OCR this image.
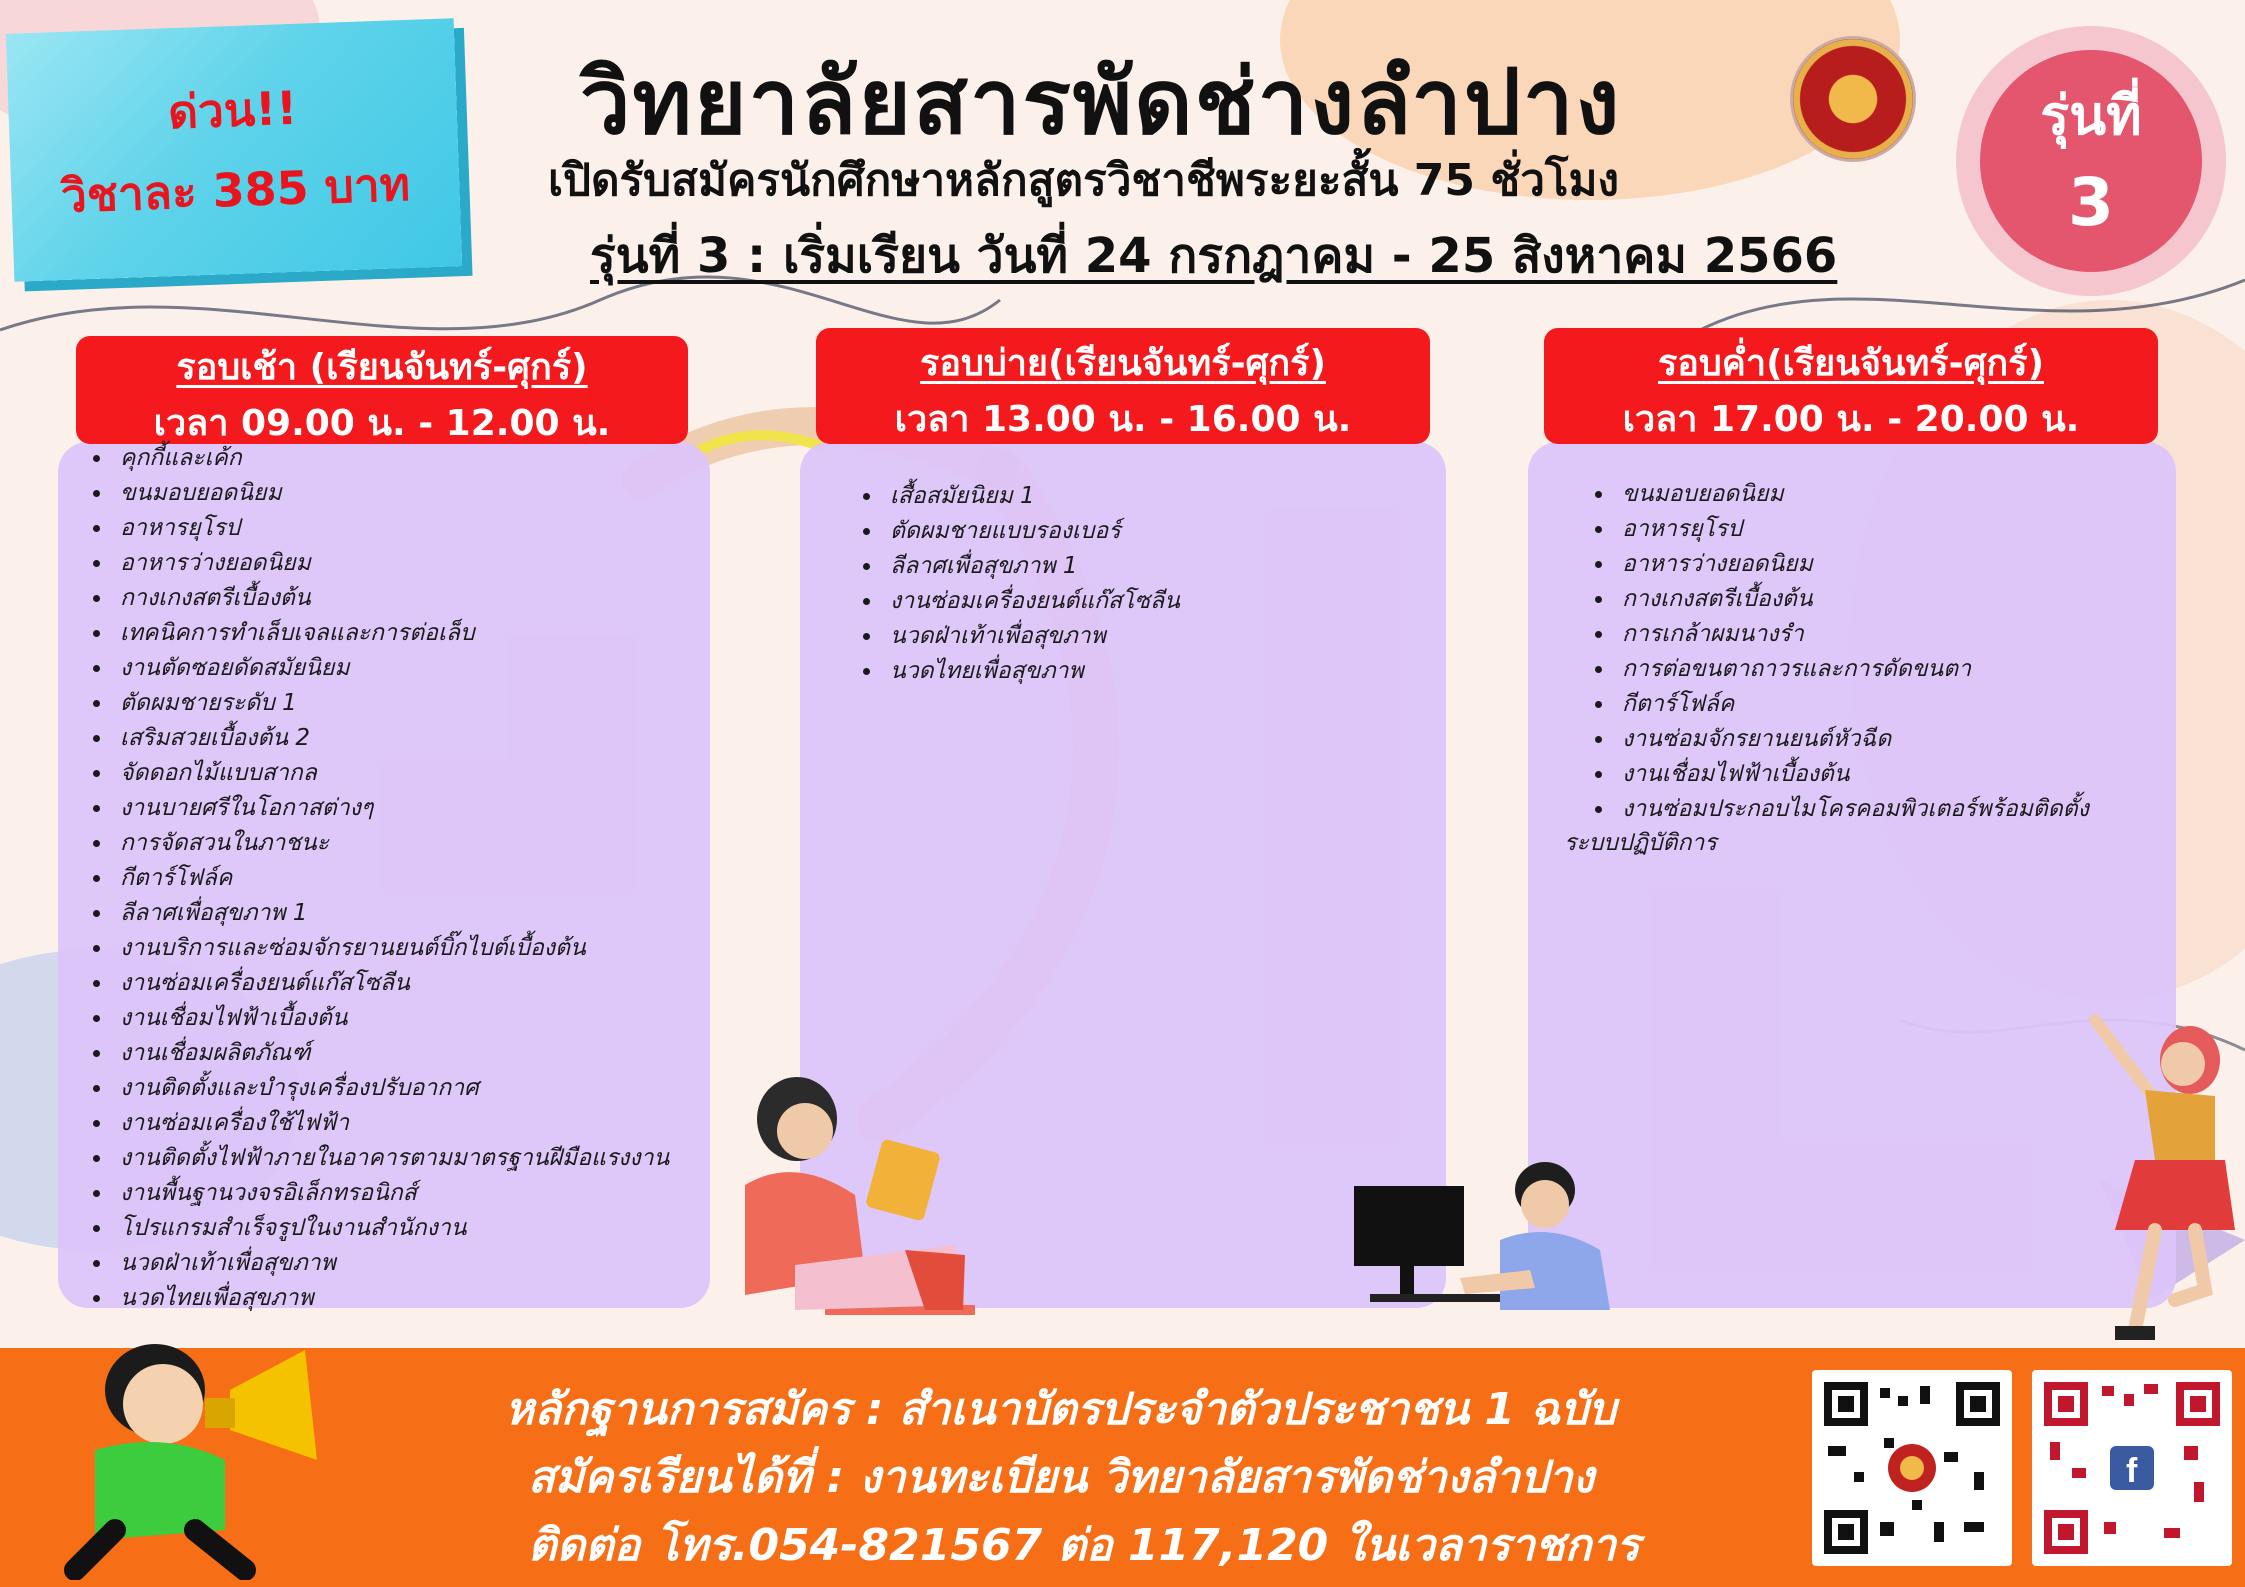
ด่วน!!
วิชาละ 385 บาท
วิทยาลัยสารพัดช่างลำปาง
เปิดรับสมัครนักศึกษาหลักสูตรวิชาชีพระยะสั้น 75 ชั่วโมง
รุ่นที่ 3 : เริ่มเรียน วันที่ 24 กรกฎาคม - 25 สิงหาคม 2566
รุ่นที่
3
รอบเช้า (เรียนจันทร์-ศุกร์)
เวลา 09.00 น. - 12.00 น.
• คุกกี้และเค้ก
• ขนมอบยอดนิยม
• อาหารยุโรป
• อาหารว่างยอดนิยม
• กางเกงสตรีเบื้องต้น
• เทคนิคการทำเล็บเจลและการต่อเล็บ
• งานตัดซอยดัดสมัยนิยม
• ตัดผมชายระดับ 1
• เสริมสวยเบื้องต้น 2
• จัดดอกไม้แบบสากล
• งานบายศรีในโอกาสต่างๆ
• การจัดสวนในภาชนะ
• กีตาร์โฟล์ค
• ลีลาศเพื่อสุขภาพ 1
• งานบริการและซ่อมจักรยานยนต์บิ๊กไบต์เบื้องต้น
• งานซ่อมเครื่องยนต์แก๊สโซลีน
• งานเชื่อมไฟฟ้าเบื้องต้น
• งานเชื่อมผลิตภัณฑ์
• งานติดตั้งและบำรุงเครื่องปรับอากาศ
• งานซ่อมเครื่องใช้ไฟฟ้า
• งานติดตั้งไฟฟ้าภายในอาคารตามมาตรฐานฝีมือแรงงาน
• งานพื้นฐานวงจรอิเล็กทรอนิกส์
• โปรแกรมสำเร็จรูปในงานสำนักงาน
• นวดฝ่าเท้าเพื่อสุขภาพ
• นวดไทยเพื่อสุขภาพ
รอบบ่าย(เรียนจันทร์-ศุกร์)
เวลา 13.00 น. - 16.00 น.
• เสื้อสมัยนิยม 1
• ตัดผมชายแบบรองเบอร์
• ลีลาศเพื่อสุขภาพ 1
• งานซ่อมเครื่องยนต์แก๊สโซลีน
• นวดฝ่าเท้าเพื่อสุขภาพ
• นวดไทยเพื่อสุขภาพ
รอบค่ำ(เรียนจันทร์-ศุกร์)
เวลา 17.00 น. - 20.00 น.
• ขนมอบยอดนิยม
• อาหารยุโรป
• อาหารว่างยอดนิยม
• กางเกงสตรีเบื้องต้น
• การเกล้าผมนางรำ
• การต่อขนตาถาวรและการดัดขนตา
• กีตาร์โฟล์ค
• งานซ่อมจักรยานยนต์หัวฉีด
• งานเชื่อมไฟฟ้าเบื้องต้น
• งานซ่อมประกอบไมโครคอมพิวเตอร์พร้อมติดตั้ง
ระบบปฏิบัติการ
หลักฐานการสมัคร : สำเนาบัตรประจำตัวประชาชน 1 ฉบับ
สมัครเรียนได้ที่ : งานทะเบียน วิทยาลัยสารพัดช่างลำปาง
ติดต่อ โทร.054-821567 ต่อ 117,120 ในเวลาราชการ
f
